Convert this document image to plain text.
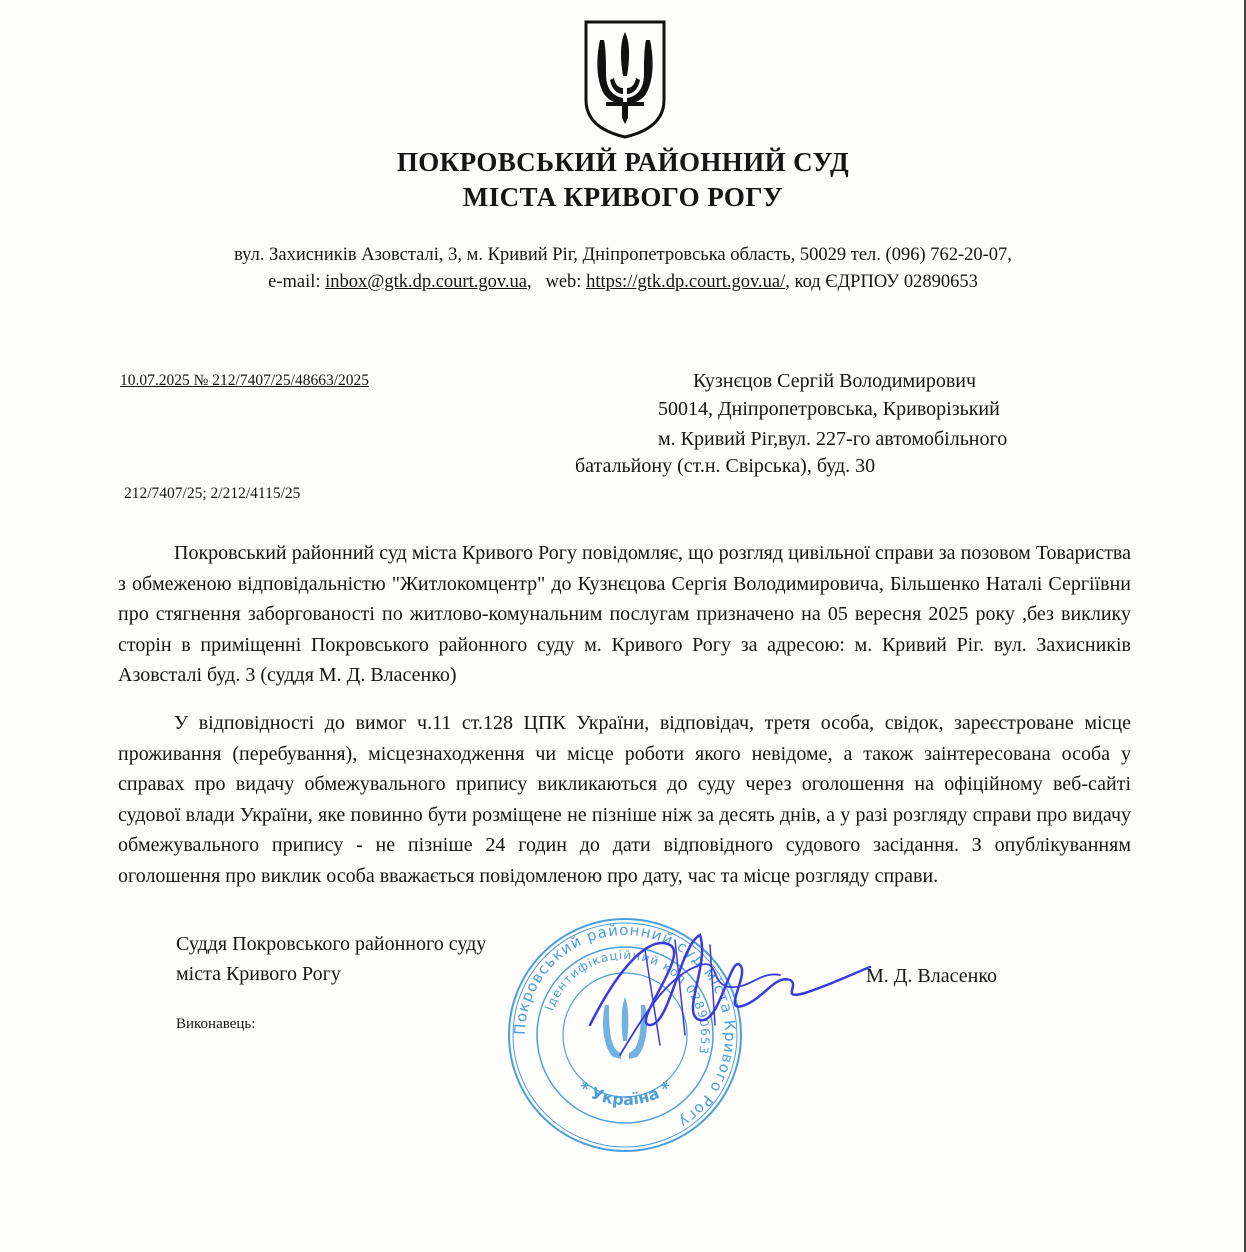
ПОКРОВСЬКИЙ РАЙОННИЙ СУД
МІСТА КРИВОГО РОГУ
вул. Захисників Азовсталі, 3, м. Кривий Ріг, Дніпропетровська область, 50029 тел. (096) 762-20-07,
e-mail: inbox@gtk.dp.court.gov.ua,   web: https://gtk.dp.court.gov.ua/, код ЄДРПОУ 02890653
10.07.2025 № 212/7407/25/48663/2025	Кузнєцов Сергій Володимирович
50014, Дніпропетровська, Криворізький
м. Кривий Ріг,вул. 227-го автомобільного
батальйону (ст.н. Свірська), буд. 30
212/7407/25; 2/212/4115/25

Покровський районний суд міста Кривого Рогу повідомляє, що розгляд цивільної справи за позовом Товариства з обмеженою відповідальністю "Житлокомцентр" до Кузнєцова Сергія Володимировича, Більшенко Наталі Сергіївни про стягнення заборгованості по житлово-комунальним послугам призначено на 05 вересня 2025 року ,без виклику сторін в приміщенні Покровського районного суду м. Кривого Рогу за адресою: м. Кривий Ріг. вул. Захисників Азовсталі буд. 3 (суддя М. Д. Власенко)

У відповідності до вимог ч.11 ст.128 ЦПК України, відповідач, третя особа, свідок, зареєстроване місце проживання (перебування), місцезнаходження чи місце роботи якого невідоме, а також заінтересована особа у справах про видачу обмежувального припису викликаються до суду через оголошення на офіційному веб-сайті судової влади України, яке повинно бути розміщене не пізніше ніж за десять днів, а у разі розгляду справи про видачу обмежувального припису - не пізніше 24 годин до дати відповідного судового засідання. З опублікуванням оголошення про виклик особа вважається повідомленою про дату, час та місце розгляду справи.

Суддя Покровського районного суду
міста Кривого Рогу	М. Д. Власенко
Виконавець:	Покровський районний суд міста Кривого Рогу
Ідентифікаційний код 02890653
* Україна *
